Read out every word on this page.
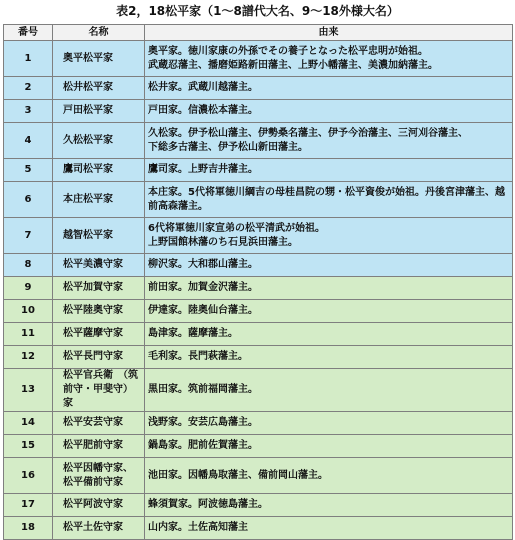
表2，18松平家（1～8譜代大名、9～18外様大名）
番号	名称	由来
1	奥平松平家	奥平家。徳川家康の外孫でその養子となった松平忠明が始祖。
武蔵忍藩主、播磨姫路新田藩主、上野小幡藩主、美濃加納藩主。
2	松井松平家	松井家。武蔵川越藩主。
3	戸田松平家	戸田家。信濃松本藩主。
4	久松松平家	久松家。伊予松山藩主、伊勢桑名藩主、伊予今治藩主、三河刈谷藩主、
下総多古藩主、伊予松山新田藩主。
5	鷹司松平家	鷹司家。上野吉井藩主。
6	本庄松平家	本庄家。5代将軍徳川綱吉の母桂昌院の甥・松平資俊が始祖。丹後宮津藩主、越前高森藩主。
7	越智松平家	6代将軍徳川家宣弟の松平清武が始祖。
上野国館林藩のち石見浜田藩主。
8	松平美濃守家	柳沢家。大和郡山藩主。
9	松平加賀守家	前田家。加賀金沢藩主。
10	松平陸奥守家	伊達家。陸奥仙台藩主。
11	松平薩摩守家	島津家。薩摩藩主。
12	松平長門守家	毛利家。長門萩藩主。
13	松平官兵衛　（筑前守・甲斐守）家	黒田家。筑前福岡藩主。
14	松平安芸守家	浅野家。安芸広島藩主。
15	松平肥前守家	鍋島家。肥前佐賀藩主。
16	松平因幡守家、
松平備前守家	池田家。因幡鳥取藩主、備前岡山藩主。
17	松平阿波守家	蜂須賀家。阿波徳島藩主。
18	松平土佐守家	山内家。土佐高知藩主
